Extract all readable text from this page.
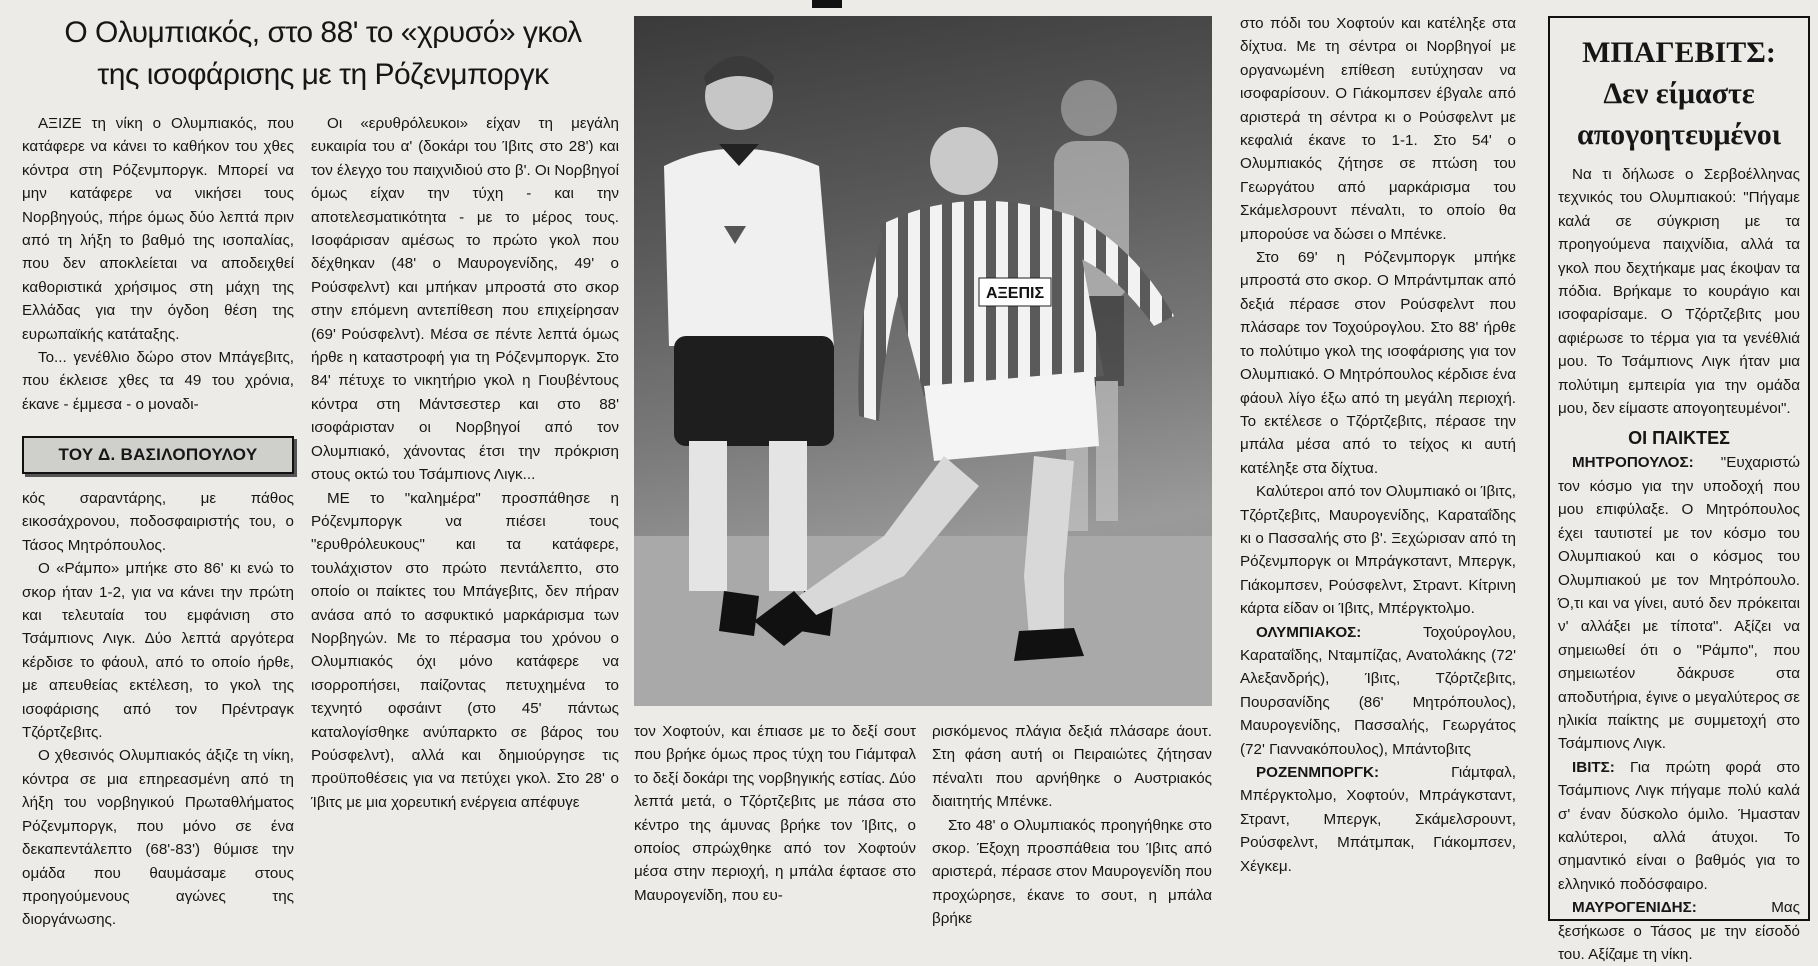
Ο Ολυμπιακός, στο 88' το «χρυσό» γκολ
της ισοφάρισης με τη Ρόζενμποργκ

ΑΞΙΖΕ τη νίκη ο Ολυμπιακός, που κατάφερε να κάνει το καθήκον του χθες κόντρα στη Ρόζενμποργκ. Μπορεί να μην κατάφερε να νικήσει τους Νορβηγούς, πήρε όμως δύο λεπτά πριν από τη λήξη το βαθμό της ισοπαλίας, που δεν αποκλείεται να αποδειχθεί καθοριστικά χρήσιμος στη μάχη της Ελλάδας για την όγδοη θέση της ευρωπαϊκής κατάταξης.

Το... γενέθλιο δώρο στον Μπάγεβιτς, που έκλεισε χθες τα 49 του χρόνια, έκανε - έμμεσα - ο μοναδι-

ΤΟΥ Δ. ΒΑΣΙΛΟΠΟΥΛΟΥ

κός σαραντάρης, με πάθος εικοσάχρονου, ποδοσφαιριστής του, ο Τάσος Μητρόπουλος.

Ο «Ράμπο» μπήκε στο 86' κι ενώ το σκορ ήταν 1-2, για να κάνει την πρώτη και τελευταία του εμφάνιση στο Τσάμπιονς Λιγκ. Δύο λεπτά αργότερα κέρδισε το φάουλ, από το οποίο ήρθε, με απευθείας εκτέλεση, το γκολ της ισοφάρισης από τον Πρέντραγκ Τζόρτζεβιτς.

Ο χθεσινός Ολυμπιακός άξιζε τη νίκη, κόντρα σε μια επηρεασμένη από τη λήξη του νορβηγικού Πρωταθλήματος Ρόζενμποργκ, που μόνο σε ένα δεκαπεντάλεπτο (68'-83') θύμισε την ομάδα που θαυμάσαμε στους προηγούμενους αγώνες της διοργάνωσης.

Οι «ερυθρόλευκοι» είχαν τη μεγάλη ευκαιρία του α' (δοκάρι του Ίβιτς στο 28') και τον έλεγχο του παιχνιδιού στο β'. Οι Νορβηγοί όμως είχαν την τύχη - και την αποτελεσματικότητα - με το μέρος τους. Ισοφάρισαν αμέσως το πρώτο γκολ που δέχθηκαν (48' ο Μαυρογενίδης, 49' ο Ρούσφελντ) και μπήκαν μπροστά στο σκορ στην επόμενη αντεπίθεση που επιχείρησαν (69' Ρούσφελντ). Μέσα σε πέντε λεπτά όμως ήρθε η καταστροφή για τη Ρόζενμποργκ. Στο 84' πέτυχε το νικητήριο γκολ η Γιουβέντους κόντρα στη Μάντσεστερ και στο 88' ισοφάρισταν οι Νορβηγοί από τον Ολυμπιακό, χάνοντας έτσι την πρόκριση στους οκτώ του Τσάμπιονς Λιγκ...

ΜΕ το "καλημέρα" προσπάθησε η Ρόζενμποργκ να πιέσει τους "ερυθρόλευκους" και τα κατάφερε, τουλάχιστον στο πρώτο πεντάλεπτο, στο οποίο οι παίκτες του Μπάγεβιτς, δεν πήραν ανάσα από το ασφυκτικό μαρκάρισμα των Νορβηγών. Με το πέρασμα του χρόνου ο Ολυμπιακός όχι μόνο κατάφερε να ισορροπήσει, παίζοντας πετυχημένα το τεχνητό οφσάιντ (στο 45' πάντως καταλογίσθηκε ανύπαρκτο σε βάρος του Ρούσφελντ), αλλά και δημιούργησε τις προϋποθέσεις για να πετύχει γκολ. Στο 28' ο Ίβιτς με μια χορευτική ενέργεια απέφυγε

ΑΞΕΠΙΣ

τον Χοφτούν, και έπιασε με το δεξί σουτ που βρήκε όμως προς τύχη του Γιάμτφαλ το δεξί δοκάρι της νορβηγικής εστίας. Δύο λεπτά μετά, ο Τζόρτζεβιτς με πάσα στο κέντρο της άμυνας βρήκε τον Ίβιτς, ο οποίος σπρώχθηκε από τον Χοφτούν μέσα στην περιοχή, η μπάλα έφτασε στο Μαυρογενίδη, που ευ-

ρισκόμενος πλάγια δεξιά πλάσαρε άουτ. Στη φάση αυτή οι Πειραιώτες ζήτησαν πέναλτι που αρνήθηκε ο Αυστριακός διαιτητής Μπένκε.

Στο 48' ο Ολυμπιακός προηγήθηκε στο σκορ. Έξοχη προσπάθεια του Ίβιτς από αριστερά, πέρασε στον Μαυρογενίδη που προχώρησε, έκανε το σουτ, η μπάλα βρήκε

στο πόδι του Χοφτούν και κατέληξε στα δίχτυα. Με τη σέντρα οι Νορβηγοί με οργανωμένη επίθεση ευτύχησαν να ισοφαρίσουν. Ο Γιάκομπσεν έβγαλε από αριστερά τη σέντρα κι ο Ρούσφελντ με κεφαλιά έκανε το 1-1. Στο 54' ο Ολυμπιακός ζήτησε σε πτώση του Γεωργάτου από μαρκάρισμα του Σκάμελσρουντ πέναλτι, το οποίο θα μπορούσε να δώσει ο Μπένκε.

Στο 69' η Ρόζενμποργκ μπήκε μπροστά στο σκορ. Ο Μπράντμπακ από δεξιά πέρασε στον Ρούσφελντ που πλάσαρε τον Τοχούρογλου. Στο 88' ήρθε το πολύτιμο γκολ της ισοφάρισης για τον Ολυμπιακό. Ο Μητρόπουλος κέρδισε ένα φάουλ λίγο έξω από τη μεγάλη περιοχή. Το εκτέλεσε ο Τζόρτζεβιτς, πέρασε την μπάλα μέσα από το τείχος κι αυτή κατέληξε στα δίχτυα.

Καλύτεροι από τον Ολυμπιακό οι Ίβιτς, Τζόρτζεβιτς, Μαυρογενίδης, Καραταΐδης κι ο Πασσαλής στο β'. Ξεχώρισαν από τη Ρόζενμποργκ οι Μπράγκσταντ, Μπεργκ, Γιάκομπσεν, Ρούσφελντ, Στραντ. Κίτρινη κάρτα είδαν οι Ίβιτς, Μπέργκτολμο.

ΟΛΥΜΠΙΑΚΟΣ:	Τοχούρογλου, Καραταΐδης, Νταμπίζας, Ανατολάκης (72' Αλεξανδρής), Ίβιτς, Τζόρτζεβιτς, Πουρσανίδης (86' Μητρόπουλος), Μαυρογενίδης, Πασσαλής, Γεωργάτος (72' Γιαννακόπουλος), Μπάντοβιτς

ΡΟΖΕΝΜΠΟΡΓΚ:	Γιάμτφαλ, Μπέργκτολμο, Χοφτούν, Μπράγκσταντ, Στραντ, Μπεργκ, Σκάμελσρουντ, Ρούσφελντ, Μπάτμπακ, Γιάκομπσεν, Χέγκεμ.

ΜΠΑΓΕΒΙΤΣ:
Δεν είμαστε
απογοητευμένοι

Να τι δήλωσε ο Σερβοέλληνας τεχνικός του Ολυμπιακού: "Πήγαμε καλά σε σύγκριση με τα προηγούμενα παιχνίδια, αλλά τα γκολ που δεχτήκαμε μας έκοψαν τα πόδια. Βρήκαμε το κουράγιο και ισοφαρίσαμε. Ο Τζόρτζεβιτς μου αφιέρωσε το τέρμα για τα γενέθλιά μου. Το Τσάμπιονς Λιγκ ήταν μια πολύτιμη εμπειρία για την ομάδα μου, δεν είμαστε απογοητευμένοι".

ΟΙ ΠΑΙΚΤΕΣ

ΜΗΤΡΟΠΟΥΛΟΣ: "Ευχαριστώ τον κόσμο για την υποδοχή που μου επιφύλαξε. Ο Μητρόπουλος έχει ταυτιστεί με τον κόσμο του Ολυμπιακού και ο κόσμος του Ολυμπιακού με τον Μητρόπουλο. Ό,τι και να γίνει, αυτό δεν πρόκειται ν' αλλάξει με τίποτα". Αξίζει να σημειωθεί ότι ο "Ράμπο", που σημειωτέον δάκρυσε στα αποδυτήρια, έγινε ο μεγαλύτερος σε ηλικία παίκτης με συμμετοχή στο Τσάμπιονς Λιγκ.

ΙΒΙΤΣ: Για πρώτη φορά στο Τσάμπιονς Λιγκ πήγαμε πολύ καλά σ' έναν δύσκολο όμιλο. Ήμασταν καλύτεροι, αλλά άτυχοι. Το σημαντικό είναι ο βαθμός για το ελληνικό ποδόσφαιρο.

ΜΑΥΡΟΓΕΝΙΔΗΣ:	Μας ξεσήκωσε ο Τάσος με την είσοδό του. Αξίζαμε τη νίκη.
